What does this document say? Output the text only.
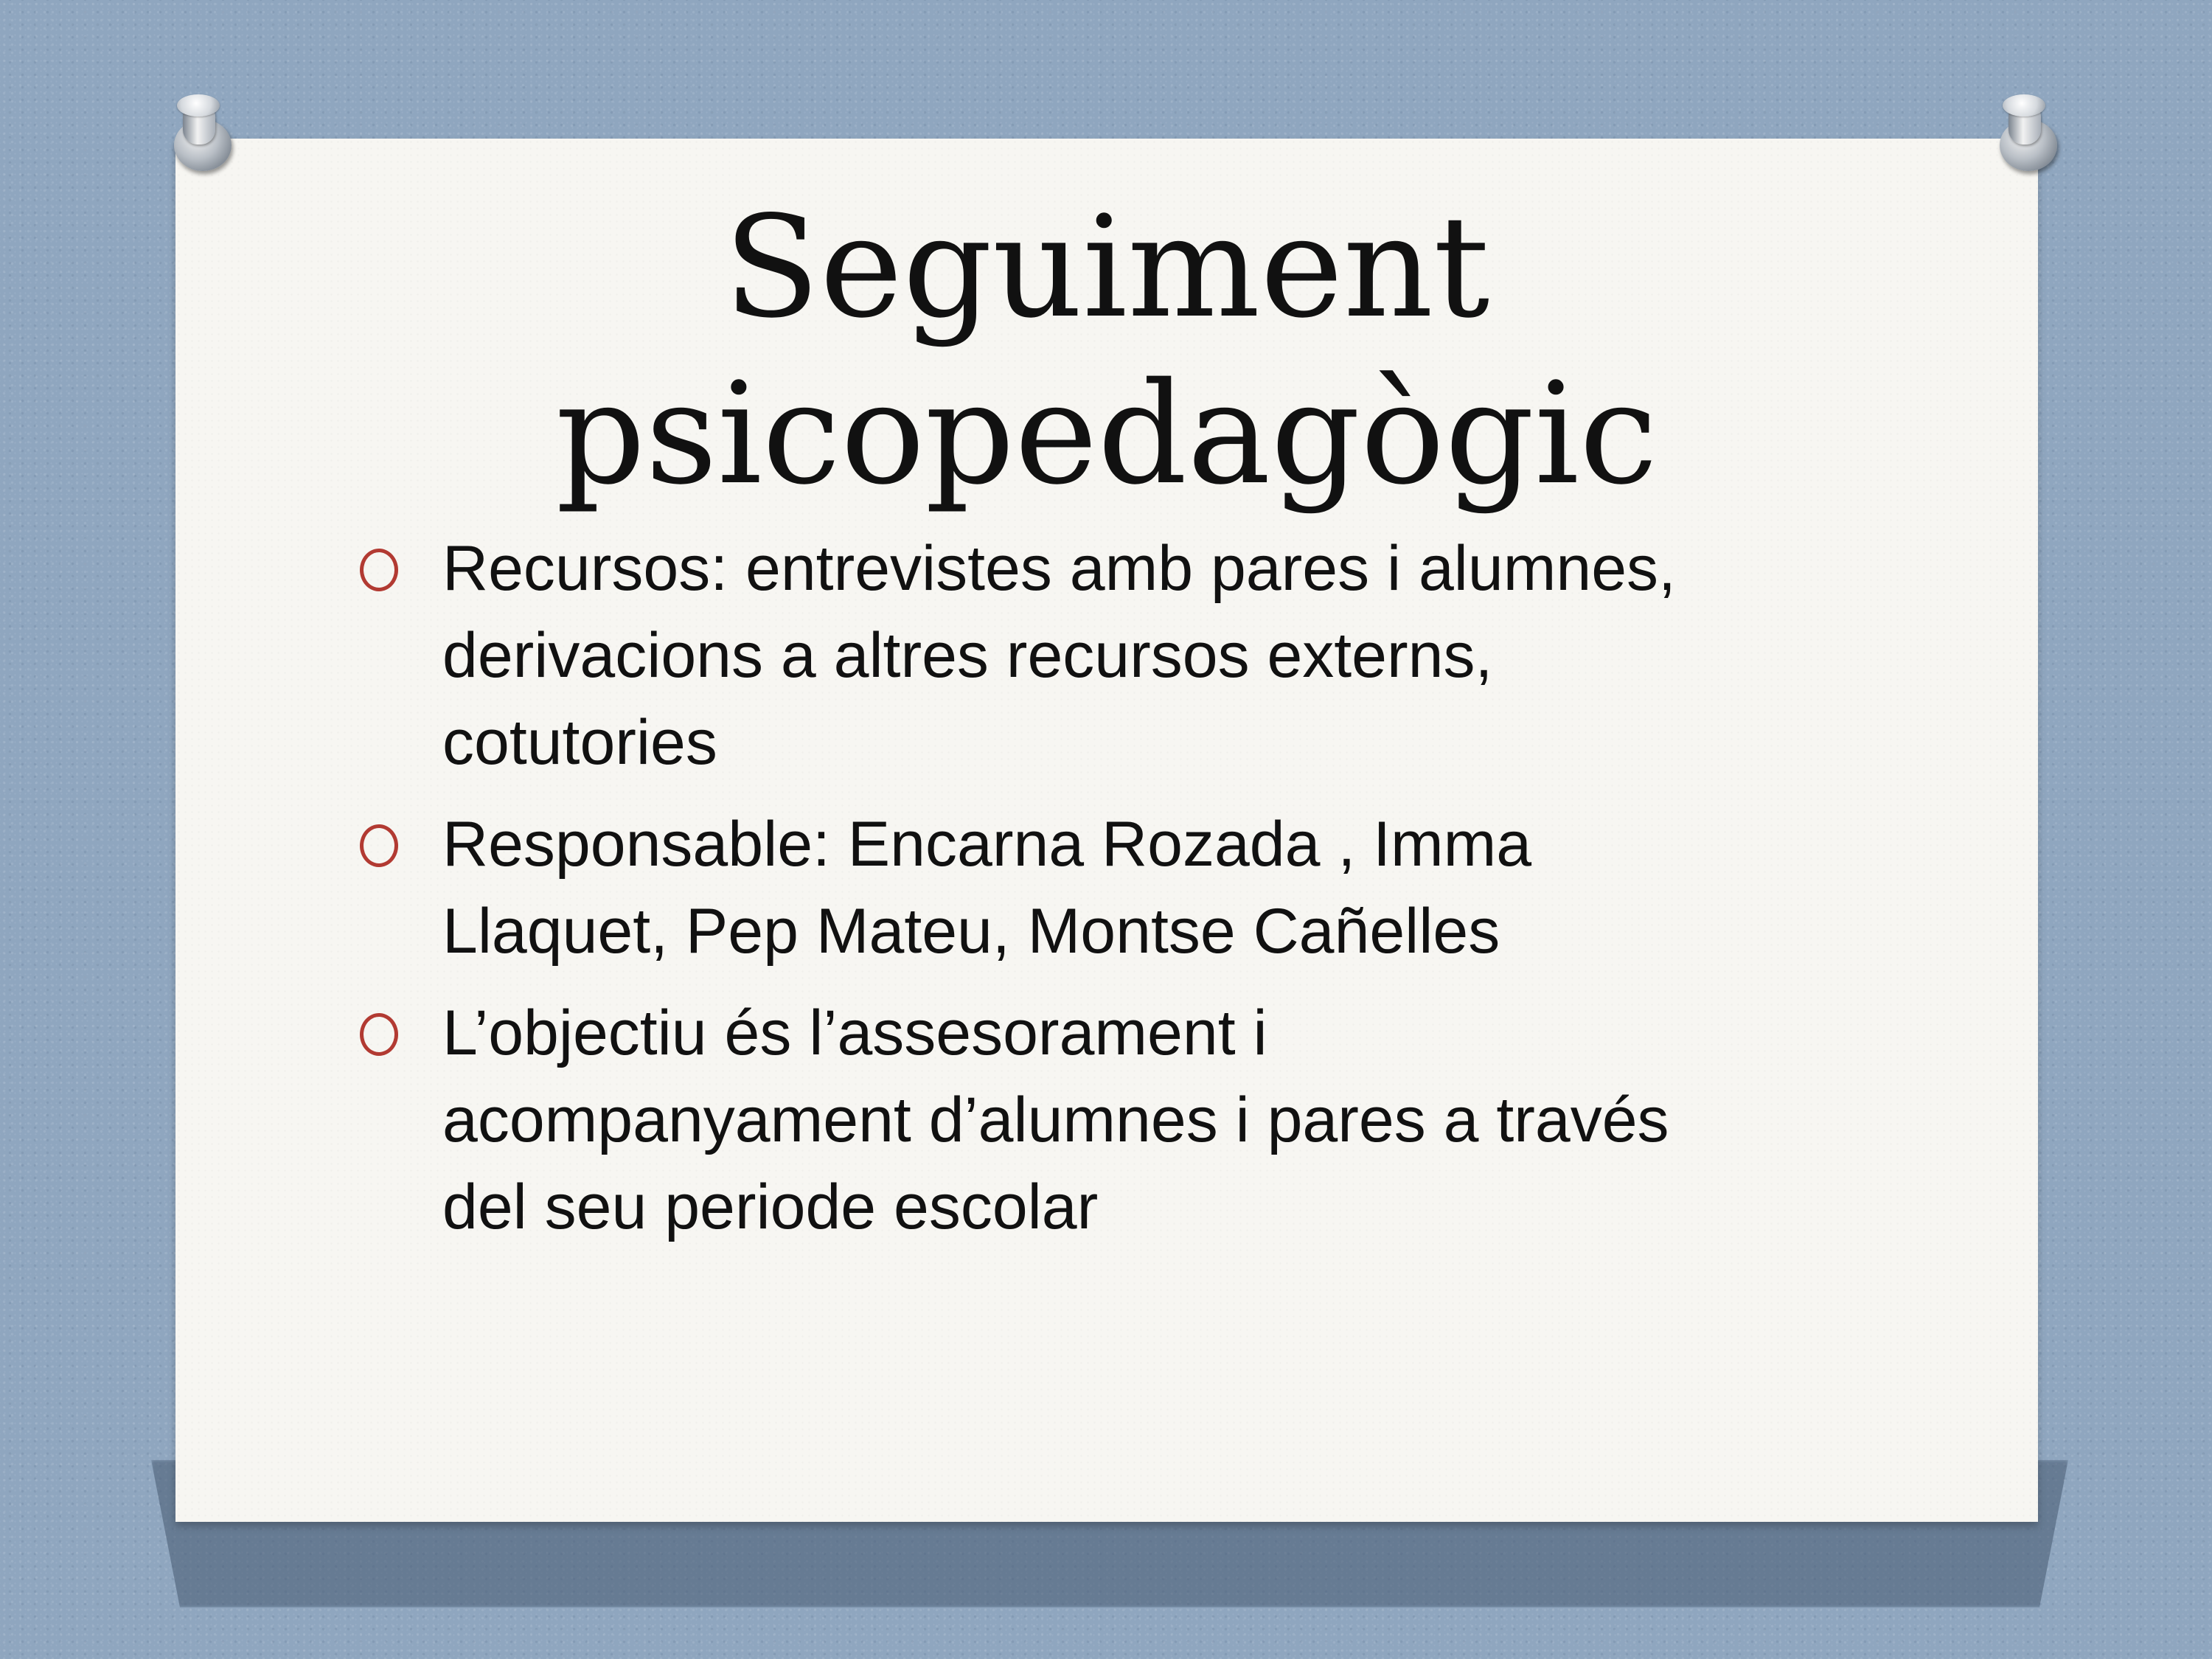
Seguiment
psicopedagògic
Recursos: entrevistes amb pares i alumnes,
derivacions a altres recursos externs,
cotutories
Responsable: Encarna Rozada , Imma
Llaquet, Pep Mateu, Montse Cañelles
L’objectiu és l’assesorament i
acompanyament d’alumnes i pares a través
del seu periode escolar
